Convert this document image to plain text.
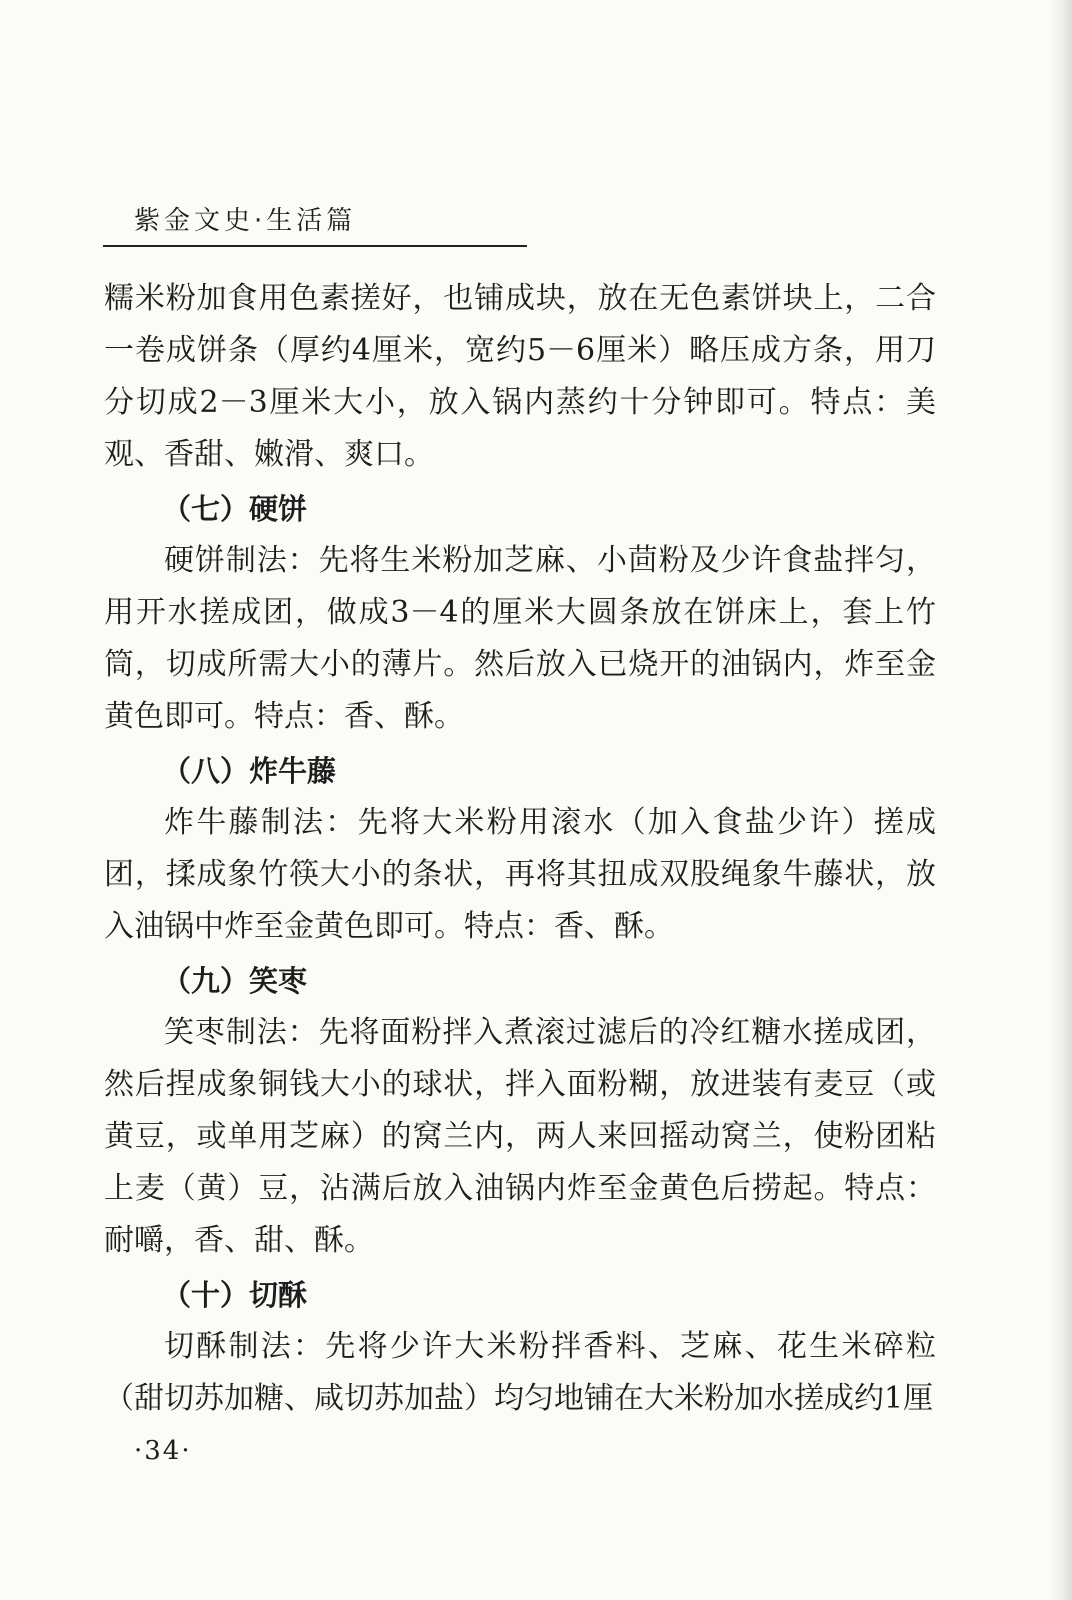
紫金文史·生活篇

糯米粉加食用色素搓好，也铺成块，放在无色素饼块上，二合一卷成饼条（厚约4厘米，宽约5－6厘米）略压成方条，用刀分切成2－3厘米大小，放入锅内蒸约十分钟即可。特点：美观、香甜、嫩滑、爽口。

（七）硬饼

硬饼制法：先将生米粉加芝麻、小茴粉及少许食盐拌匀，用开水搓成团，做成3－4的厘米大圆条放在饼床上，套上竹筒，切成所需大小的薄片。然后放入已烧开的油锅内，炸至金黄色即可。特点：香、酥。

（八）炸牛藤

炸牛藤制法：先将大米粉用滚水（加入食盐少许）搓成团，揉成象竹筷大小的条状，再将其扭成双股绳象牛藤状，放入油锅中炸至金黄色即可。特点：香、酥。

（九）笑枣

笑枣制法：先将面粉拌入煮滚过滤后的冷红糖水搓成团，然后捏成象铜钱大小的球状，拌入面粉糊，放进装有麦豆（或黄豆，或单用芝麻）的窝兰内，两人来回摇动窝兰，使粉团粘上麦（黄）豆，沾满后放入油锅内炸至金黄色后捞起。特点：耐嚼，香、甜、酥。

（十）切酥

切酥制法：先将少许大米粉拌香料、芝麻、花生米碎粒（甜切苏加糖、咸切苏加盐）均匀地铺在大米粉加水搓成约1厘

·34·
